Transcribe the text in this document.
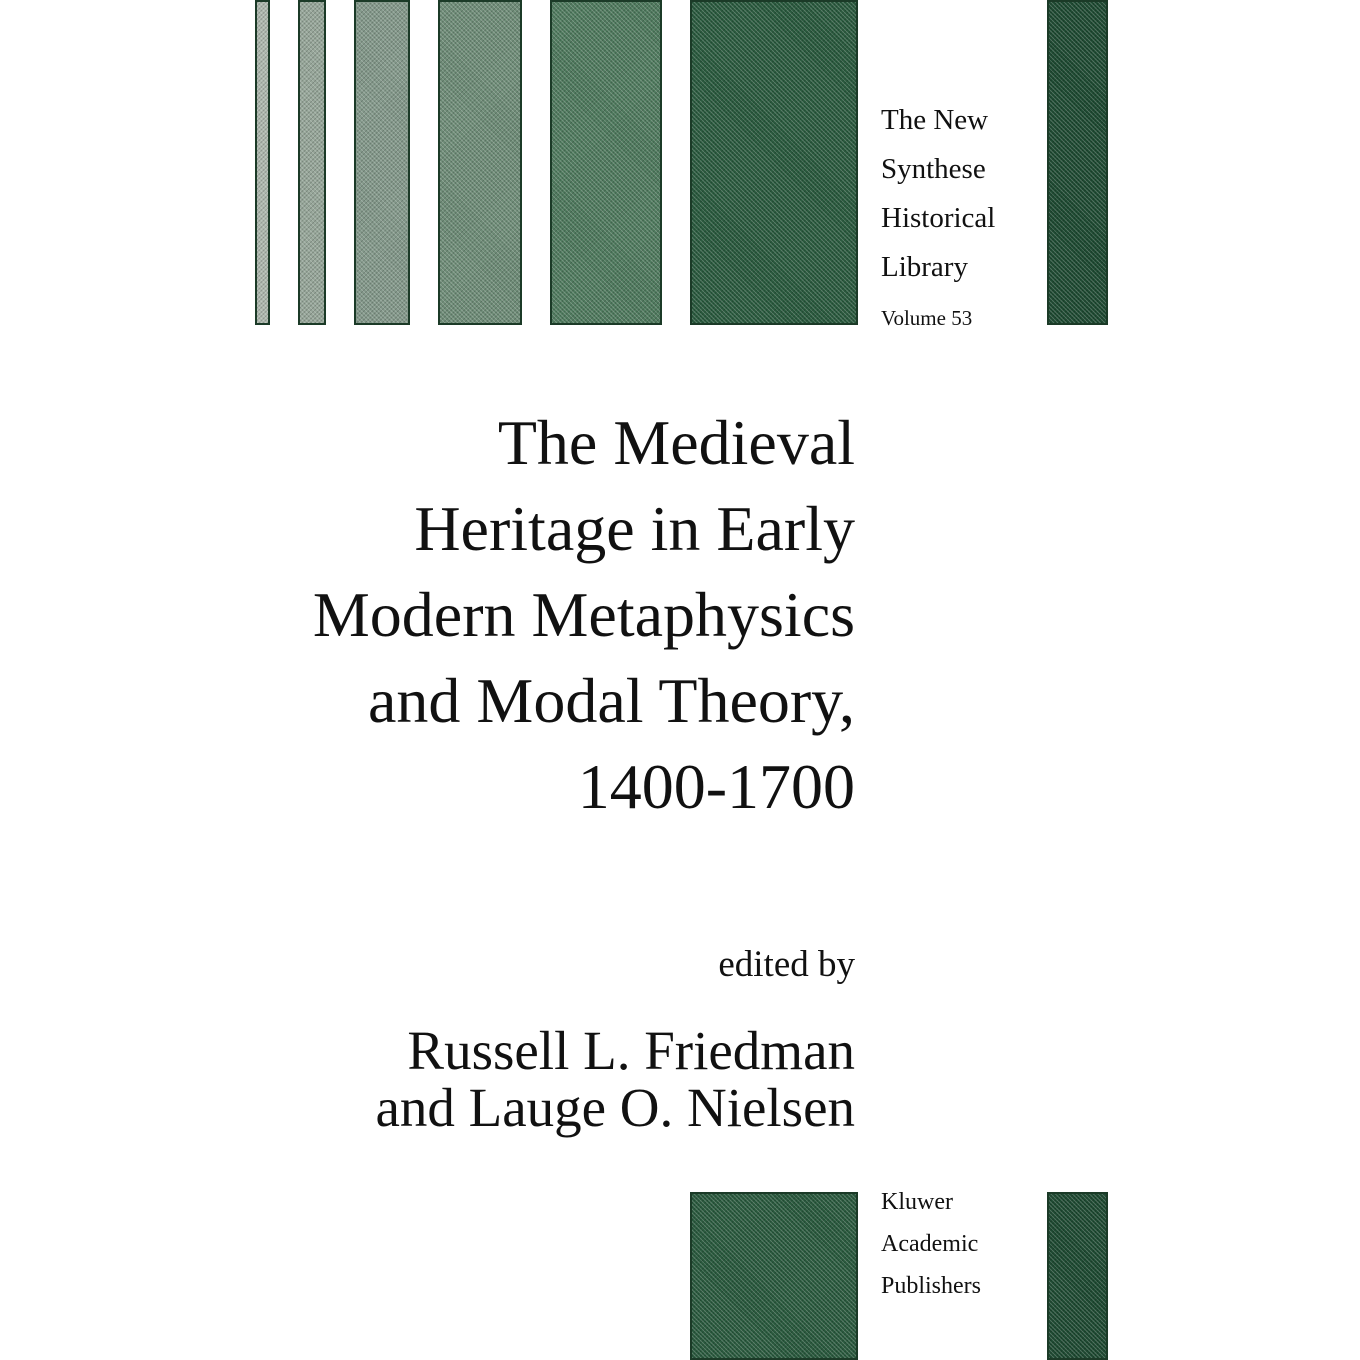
The New
Synthese
Historical
Library
Volume 53
The Medieval
Heritage in Early
Modern Metaphysics
and Modal Theory,
1400-1700
edited by
Russell L. Friedman
and Lauge O. Nielsen
Kluwer
Academic
Publishers
